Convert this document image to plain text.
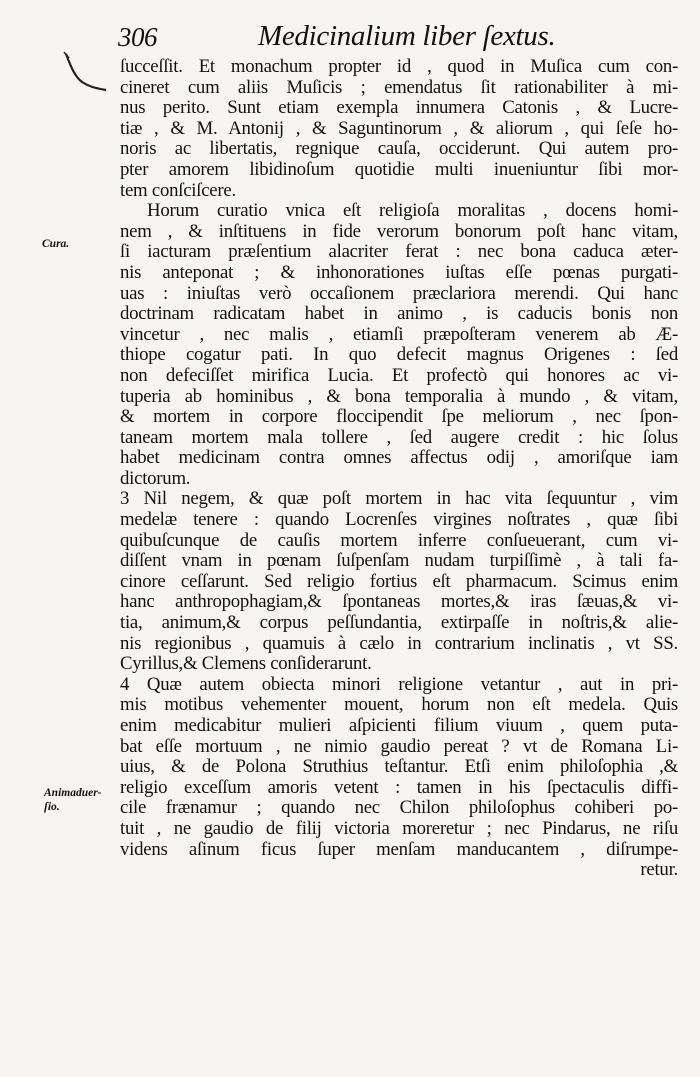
306	Medicinalium liber ſextus.
Cura.
Animaduer-
ſio.
ſucceſſit. Et monachum propter id , quod in Muſica cum con-
cineret cum aliis Muſicis ; emendatus ſit rationabiliter à mi-
nus perito. Sunt etiam exempla innumera Catonis , & Lucre-
tiæ , & M. Antonij , & Saguntinorum , & aliorum , qui ſeſe ho-
noris ac libertatis, regnique cauſa, occiderunt. Qui autem pro-
pter amorem libidinoſum quotidie multi inueniuntur ſibi mor-
tem conſciſcere.
Horum curatio vnica eſt religioſa moralitas , docens homi-
nem , & inſtituens in fide verorum bonorum poſt hanc vitam,
ſi iacturam præſentium alacriter ferat : nec bona caduca æter-
nis anteponat ; & inhonorationes iuſtas eſſe pœnas purgati-
uas : iniuſtas verò occaſionem præclariora merendi. Qui hanc
doctrinam radicatam habet in animo , is caducis bonis non
vincetur , nec malis , etiamſi præpoſteram venerem ab Æ-
thiope cogatur pati. In quo defecit magnus Origenes : ſed
non defeciſſet mirifica Lucia. Et profectò qui honores ac vi-
tuperia ab hominibus , & bona temporalia à mundo , & vitam,
& mortem in corpore floccipendit ſpe meliorum , nec ſpon-
taneam mortem mala tollere , ſed augere credit : hic ſolus
habet medicinam contra omnes affectus odij , amoriſque iam
dictorum.
3 Nil negem, & quæ poſt mortem in hac vita ſequuntur , vim
medelæ tenere : quando Locrenſes virgines noſtrates , quæ ſibi
quibuſcunque de cauſis mortem inferre conſueuerant, cum vi-
diſſent vnam in pœnam ſuſpenſam nudam turpiſſimè , à tali fa-
cinore ceſſarunt. Sed religio fortius eſt pharmacum. Scimus enim
hanc anthropophagiam,& ſpontaneas mortes,& iras ſæuas,& vi-
tia, animum,& corpus peſſundantia, extirpaſſe in noſtris,& alie-
nis regionibus , quamuis à cælo in contrarium inclinatis , vt SS.
Cyrillus,& Clemens conſiderarunt.
4 Quæ autem obiecta minori religione vetantur , aut in pri-
mis motibus vehementer mouent, horum non eſt medela. Quis
enim medicabitur mulieri aſpicienti filium viuum , quem puta-
bat eſſe mortuum , ne nimio gaudio pereat ? vt de Romana Li-
uius, & de Polona Struthius teſtantur. Etſi enim philoſophia ,&
religio exceſſum amoris vetent : tamen in his ſpectaculis diffi-
cile frænamur ; quando nec Chilon philoſophus cohiberi po-
tuit , ne gaudio de filij victoria moreretur ; nec Pindarus, ne riſu
videns aſinum ficus ſuper menſam manducantem , diſrumpe-
retur.
